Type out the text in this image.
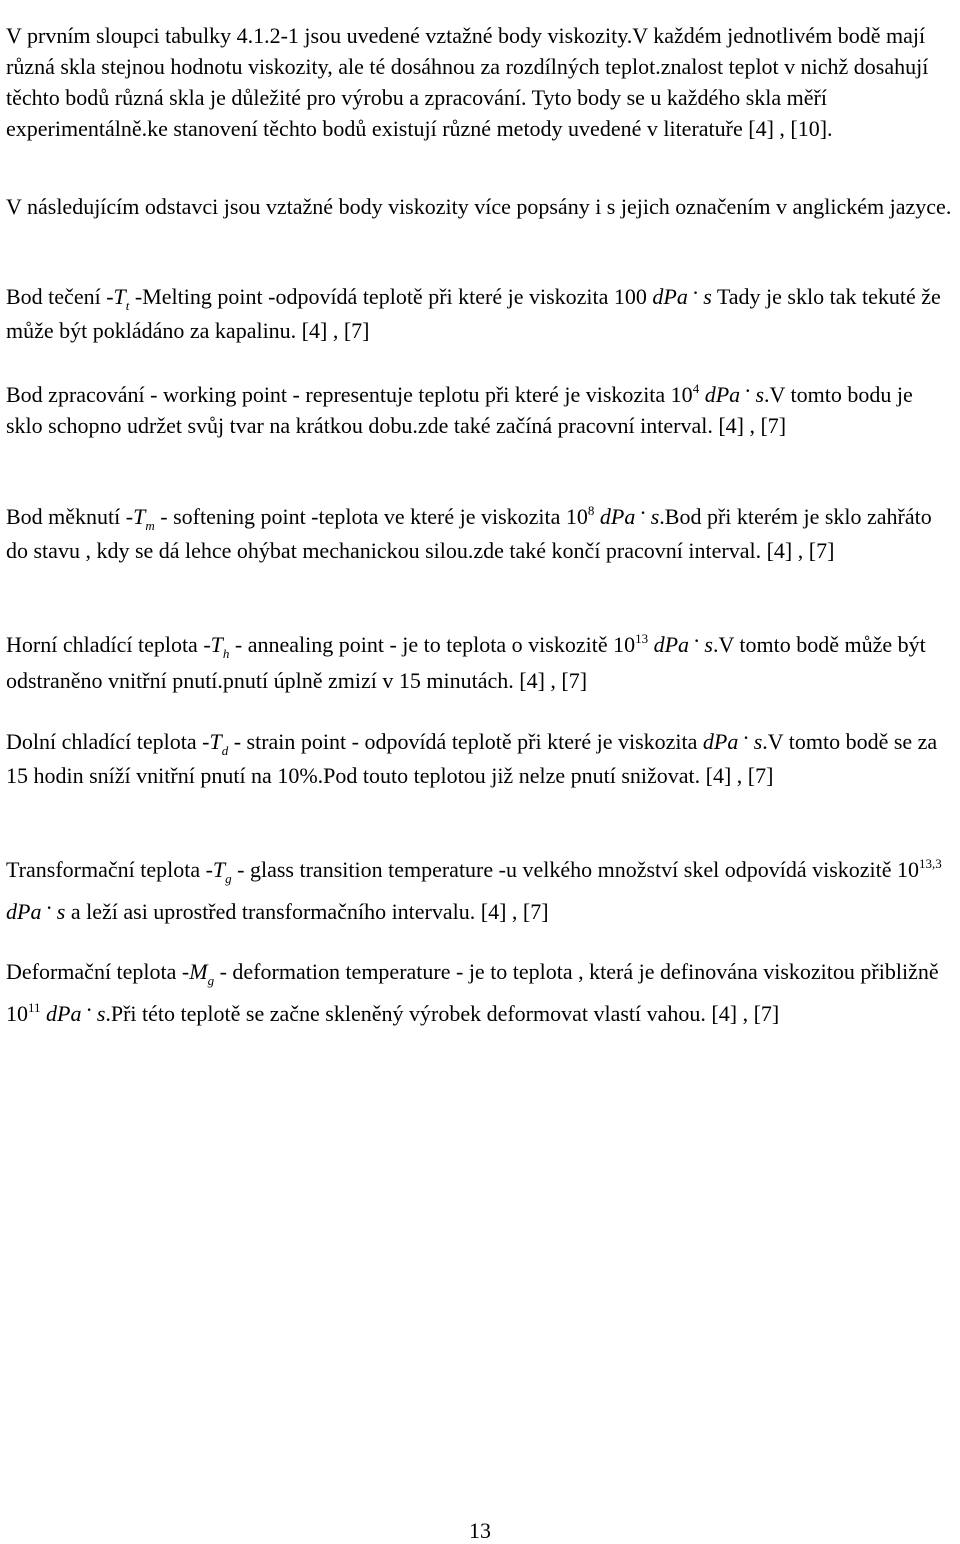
V prvním sloupci tabulky 4.1.2-1 jsou uvedené vztažné body viskozity.V každém jednotlivém bodě mají různá skla stejnou hodnotu viskozity, ale té dosáhnou za rozdílných teplot.znalost teplot v nichž dosahují těchto bodů různá skla je důležité pro výrobu a zpracování. Tyto body se u každého skla měří experimentálně.ke stanovení těchto bodů existují různé metody uvedené v literatuře [4] , [10].

V následujícím odstavci jsou vztažné body viskozity více popsány i s jejich označením v anglickém jazyce.

Bod tečení $-T_t$ -Melting point -odpovídá teplotě při které je viskozita 100 dPa · s Tady je sklo tak tekuté že může být pokládáno za kapalinu. [4] , [7]

Bod zpracování - working point - representuje teplotu při které je viskozita $10^4$ dPa · s.V tomto bodu je sklo schopno udržet svůj tvar na krátkou dobu.zde také začíná pracovní interval. [4] , [7]

Bod měknutí $-T_m$ - softening point -teplota ve které je viskozita $10^8$ dPa · s.Bod při kterém je sklo zahřáto do stavu , kdy se dá lehce ohýbat mechanickou silou.zde také končí pracovní interval. [4] , [7]

Horní chladící teplota $-T_h$ - annealing point - je to teplota o viskozitě $10^{13}$ dPa · s.V tomto bodě může být odstraněno vnitřní pnutí.pnutí úplně zmizí v 15 minutách. [4] , [7]

Dolní chladící teplota $-T_d$ - strain point - odpovídá teplotě při které je viskozita dPa · s.V tomto bodě se za 15 hodin sníží vnitřní pnutí na 10%.Pod touto teplotou již nelze pnutí snižovat. [4] , [7]

Transformační teplota $-T_g$ - glass transition temperature -u velkého množství skel odpovídá viskozitě 10$^{13,3}$ dPa · s a leží asi uprostřed transformačního intervalu. [4] , [7]

Deformační teplota $-M_g$ - deformation temperature - je to teplota , která je definována viskozitou přibližně $10^{11}$ dPa · s.Při této teplotě se začne skleněný výrobek deformovat vlastí vahou. [4] , [7]

13
